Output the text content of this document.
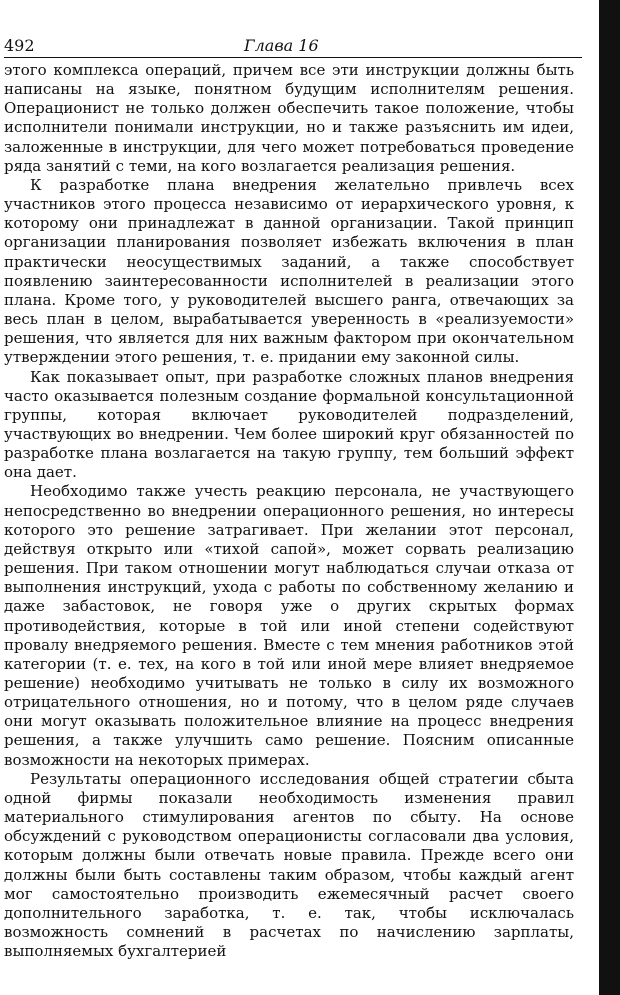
492	Глава 16

этого комплекса операций, причем все эти инструкции должны быть написаны на языке, понятном будущим исполнителям решения. Операционист не только должен обеспечить такое положение, чтобы исполнители понимали инструкции, но и также разъяснить им идеи, заложенные в инструкции, для чего может потребоваться проведение ряда занятий с теми, на кого возлагается реализация решения.

К разработке плана внедрения желательно привлечь всех участников этого процесса независимо от иерархического уровня, к которому они принадлежат в данной организации. Такой принцип организации планирования позволяет избежать включения в план практически неосуществимых заданий, а также способствует появлению заинтересованности исполнителей в реализации этого плана. Кроме того, у руководителей высшего ранга, отвечающих за весь план в целом, вырабатывается уверенность в «реализуемости» решения, что является для них важным фактором при окончательном утверждении этого решения, т. е. придании ему законной силы.

Как показывает опыт, при разработке сложных планов внедрения часто оказывается полезным создание формальной консультационной группы, которая включает руководителей подразделений, участвующих во внедрении. Чем более широкий круг обязанностей по разработке плана возлагается на такую группу, тем больший эффект она дает.

Необходимо также учесть реакцию персонала, не участвующего непосредственно во внедрении операционного решения, но интересы которого это решение затрагивает. При желании этот персонал, действуя открыто или «тихой сапой», может сорвать реализацию решения. При таком отношении могут наблюдаться случаи отказа от выполнения инструкций, ухода с работы по собственному желанию и даже забастовок, не говоря уже о других скрытых формах противодействия, которые в той или иной степени содействуют провалу внедряемого решения. Вместе с тем мнения работников этой категории (т. е. тех, на кого в той или иной мере влияет внедряемое решение) необходимо учитывать не только в силу их возможного отрицательного отношения, но и потому, что в целом ряде случаев они могут оказывать положительное влияние на процесс внедрения решения, а также улучшить само решение. Поясним описанные возможности на некоторых примерах.

Результаты операционного исследования общей стратегии сбыта одной фирмы показали необходимость изменения правил материального стимулирования агентов по сбыту. На основе обсуждений с руководством операционисты согласовали два условия, которым должны были отвечать новые правила. Прежде всего они должны были быть составлены таким образом, чтобы каждый агент мог самостоятельно производить ежемесячный расчет своего дополнительного заработка, т. е. так, чтобы исключалась возможность сомнений в расчетах по начислению зарплаты, выполняемых бухгалтерией
